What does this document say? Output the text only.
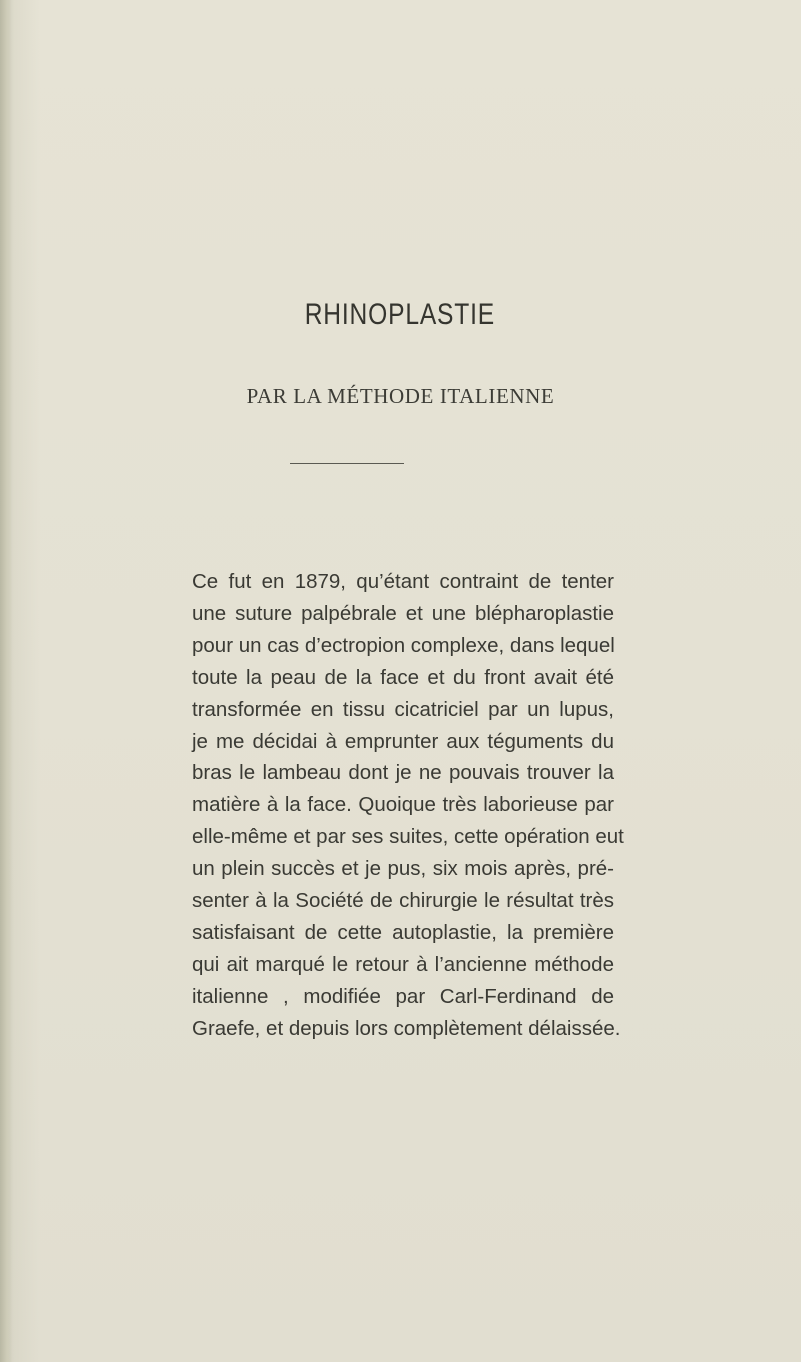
RHINOPLASTIE
PAR LA MÉTHODE ITALIENNE
Ce fut en 1879, qu’étant contraint de tenter
une suture palpébrale et une blépharoplastie
pour un cas d’ectropion complexe, dans lequel
toute la peau de la face et du front avait été
transformée en tissu cicatriciel par un lupus,
je me décidai à emprunter aux téguments du
bras le lambeau dont je ne pouvais trouver la
matière à la face. Quoique très laborieuse par
elle-même et par ses suites, cette opération eut
un plein succès et je pus, six mois après, pré-
senter à la Société de chirurgie le résultat très
satisfaisant de cette autoplastie, la première
qui ait marqué le retour à l’ancienne méthode
italienne , modifiée par Carl-Ferdinand de
Graefe, et depuis lors complètement délaissée.
